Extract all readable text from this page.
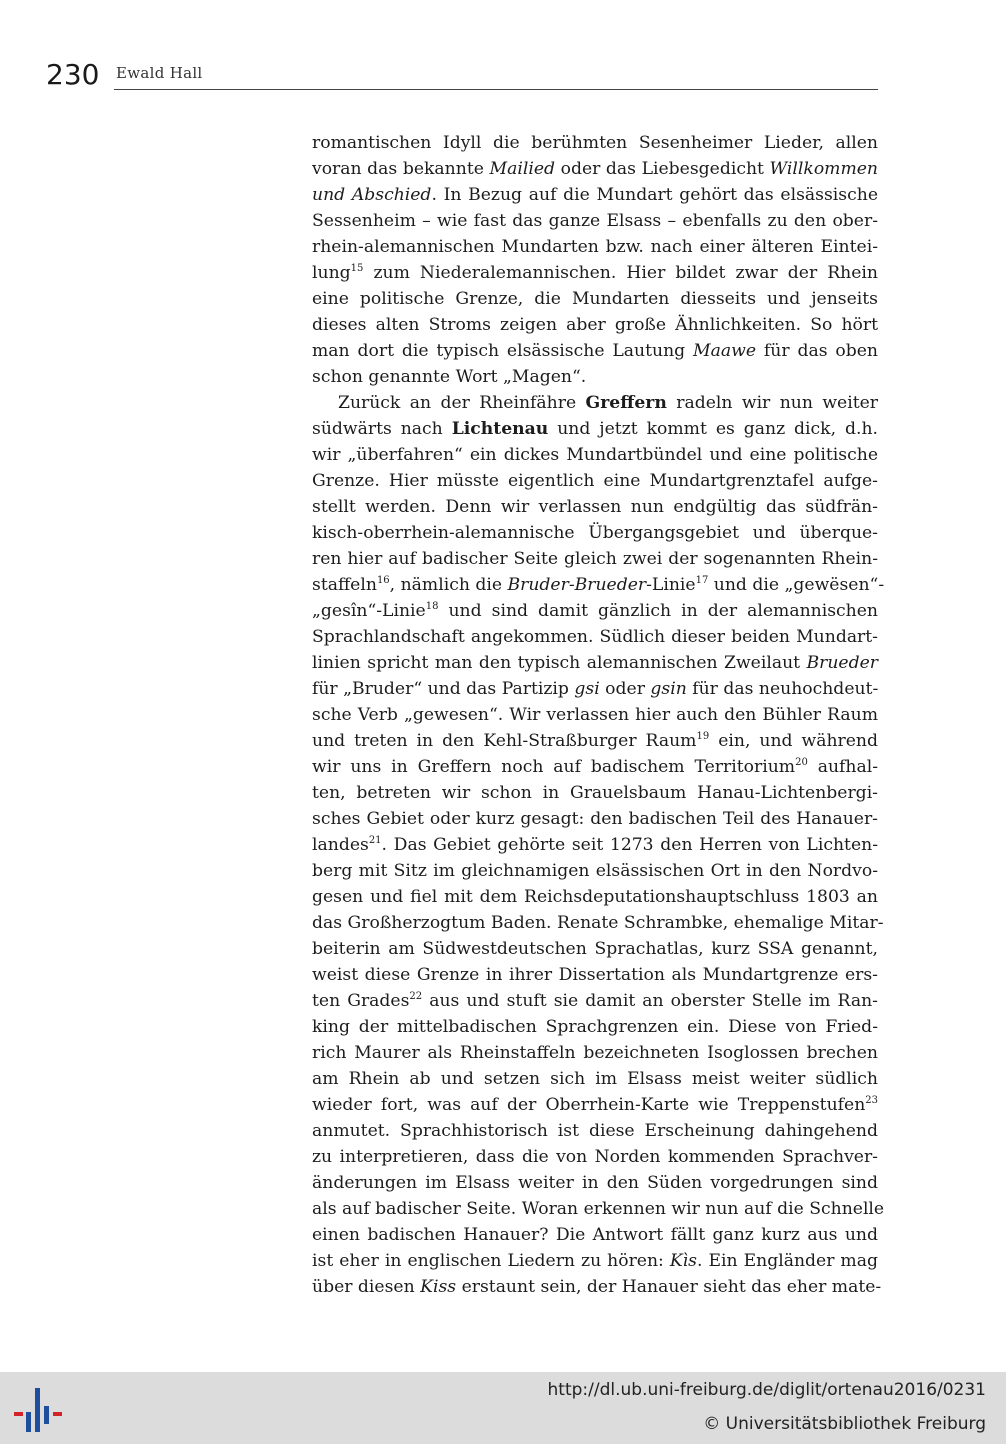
230 Ewald Hall
romantischen Idyll die berühmten Sesenheimer Lieder, allen
voran das bekannte Mailied oder das Liebesgedicht Willkommen
und Abschied. In Bezug auf die Mundart gehört das elsässische
Sessenheim – wie fast das ganze Elsass – ebenfalls zu den ober-
rhein-alemannischen Mundarten bzw. nach einer älteren Eintei-
lung$^{15}$ zum Niederalemannischen. Hier bildet zwar der Rhein
eine politische Grenze, die Mundarten diesseits und jenseits
dieses alten Stroms zeigen aber große Ähnlichkeiten. So hört
man dort die typisch elsässische Lautung Maawe für das oben
schon genannte Wort „Magen“.
Zurück an der Rheinfähre Greffern radeln wir nun weiter
südwärts nach Lichtenau und jetzt kommt es ganz dick, d.h.
wir „überfahren“ ein dickes Mundartbündel und eine politische
Grenze. Hier müsste eigentlich eine Mundartgrenztafel aufge-
stellt werden. Denn wir verlassen nun endgültig das südfrän-
kisch-oberrhein-alemannische Übergangsgebiet und überque-
ren hier auf badischer Seite gleich zwei der sogenannten Rhein-
staffeln$^{16}$, nämlich die Bruder-Brueder-Linie$^{17}$ und die „gewësen“-
„gesîn“-Linie$^{18}$ und sind damit gänzlich in der alemannischen
Sprachlandschaft angekommen. Südlich dieser beiden Mundart-
linien spricht man den typisch alemannischen Zweilaut Brueder
für „Bruder“ und das Partizip gsi oder gsin für das neuhochdeut-
sche Verb „gewesen“. Wir verlassen hier auch den Bühler Raum
und treten in den Kehl-Straßburger Raum$^{19}$ ein, und während
wir uns in Greffern noch auf badischem Territorium$^{20}$ aufhal-
ten, betreten wir schon in Grauelsbaum Hanau-Lichtenbergi-
sches Gebiet oder kurz gesagt: den badischen Teil des Hanauer-
landes$^{21}$. Das Gebiet gehörte seit 1273 den Herren von Lichten-
berg mit Sitz im gleichnamigen elsässischen Ort in den Nordvo-
gesen und fiel mit dem Reichsdeputationshauptschluss 1803 an
das Großherzogtum Baden. Renate Schrambke, ehemalige Mitar-
beiterin am Südwestdeutschen Sprachatlas, kurz SSA genannt,
weist diese Grenze in ihrer Dissertation als Mundartgrenze ers-
ten Grades$^{22}$ aus und stuft sie damit an oberster Stelle im Ran-
king der mittelbadischen Sprachgrenzen ein. Diese von Fried-
rich Maurer als Rheinstaffeln bezeichneten Isoglossen brechen
am Rhein ab und setzen sich im Elsass meist weiter südlich
wieder fort, was auf der Oberrhein-Karte wie Treppenstufen$^{23}$
anmutet. Sprachhistorisch ist diese Erscheinung dahingehend
zu interpretieren, dass die von Norden kommenden Sprachver-
änderungen im Elsass weiter in den Süden vorgedrungen sind
als auf badischer Seite. Woran erkennen wir nun auf die Schnelle
einen badischen Hanauer? Die Antwort fällt ganz kurz aus und
ist eher in englischen Liedern zu hören: Kìs. Ein Engländer mag
über diesen Kiss erstaunt sein, der Hanauer sieht das eher mate-
http://dl.ub.uni-freiburg.de/diglit/ortenau2016/0231
© Universitätsbibliothek Freiburg
